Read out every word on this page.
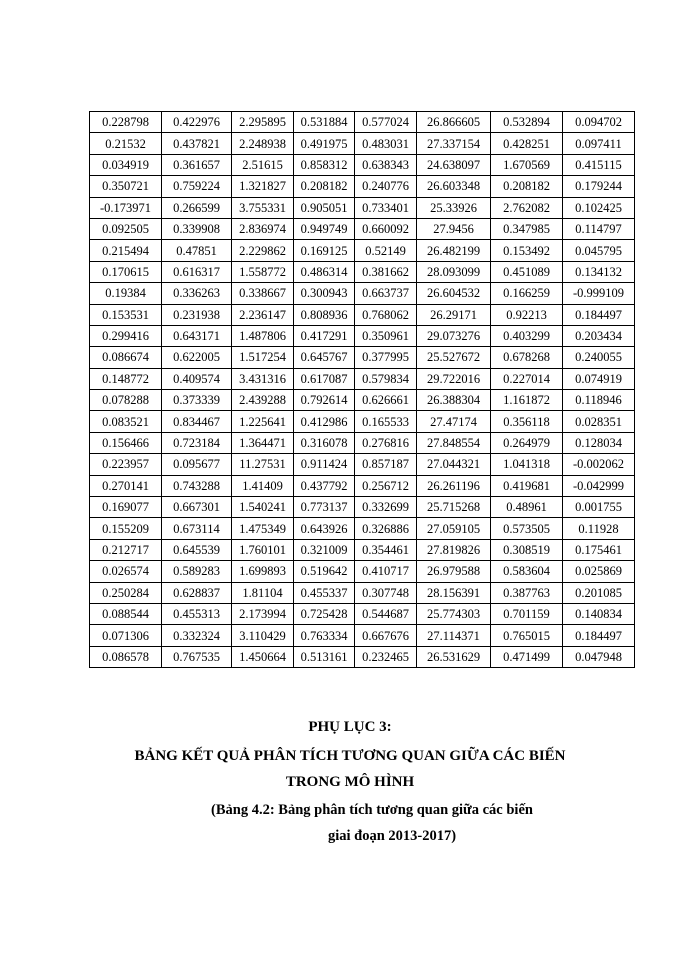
0.228798	0.422976	2.295895	0.531884	0.577024	26.866605	0.532894	0.094702
0.21532	0.437821	2.248938	0.491975	0.483031	27.337154	0.428251	0.097411
0.034919	0.361657	2.51615	0.858312	0.638343	24.638097	1.670569	0.415115
0.350721	0.759224	1.321827	0.208182	0.240776	26.603348	0.208182	0.179244
-0.173971	0.266599	3.755331	0.905051	0.733401	25.33926	2.762082	0.102425
0.092505	0.339908	2.836974	0.949749	0.660092	27.9456	0.347985	0.114797
0.215494	0.47851	2.229862	0.169125	0.52149	26.482199	0.153492	0.045795
0.170615	0.616317	1.558772	0.486314	0.381662	28.093099	0.451089	0.134132
0.19384	0.336263	0.338667	0.300943	0.663737	26.604532	0.166259	-0.999109
0.153531	0.231938	2.236147	0.808936	0.768062	26.29171	0.92213	0.184497
0.299416	0.643171	1.487806	0.417291	0.350961	29.073276	0.403299	0.203434
0.086674	0.622005	1.517254	0.645767	0.377995	25.527672	0.678268	0.240055
0.148772	0.409574	3.431316	0.617087	0.579834	29.722016	0.227014	0.074919
0.078288	0.373339	2.439288	0.792614	0.626661	26.388304	1.161872	0.118946
0.083521	0.834467	1.225641	0.412986	0.165533	27.47174	0.356118	0.028351
0.156466	0.723184	1.364471	0.316078	0.276816	27.848554	0.264979	0.128034
0.223957	0.095677	11.27531	0.911424	0.857187	27.044321	1.041318	-0.002062
0.270141	0.743288	1.41409	0.437792	0.256712	26.261196	0.419681	-0.042999
0.169077	0.667301	1.540241	0.773137	0.332699	25.715268	0.48961	0.001755
0.155209	0.673114	1.475349	0.643926	0.326886	27.059105	0.573505	0.11928
0.212717	0.645539	1.760101	0.321009	0.354461	27.819826	0.308519	0.175461
0.026574	0.589283	1.699893	0.519642	0.410717	26.979588	0.583604	0.025869
0.250284	0.628837	1.81104	0.455337	0.307748	28.156391	0.387763	0.201085
0.088544	0.455313	2.173994	0.725428	0.544687	25.774303	0.701159	0.140834
0.071306	0.332324	3.110429	0.763334	0.667676	27.114371	0.765015	0.184497
0.086578	0.767535	1.450664	0.513161	0.232465	26.531629	0.471499	0.047948
PHỤ LỤC 3:
BẢNG KẾT QUẢ PHÂN TÍCH TƯƠNG QUAN GIỮA CÁC BIẾN
TRONG MÔ HÌNH
(Bảng 4.2: Bảng phân tích tương quan giữa các biến
giai đoạn 2013-2017)
